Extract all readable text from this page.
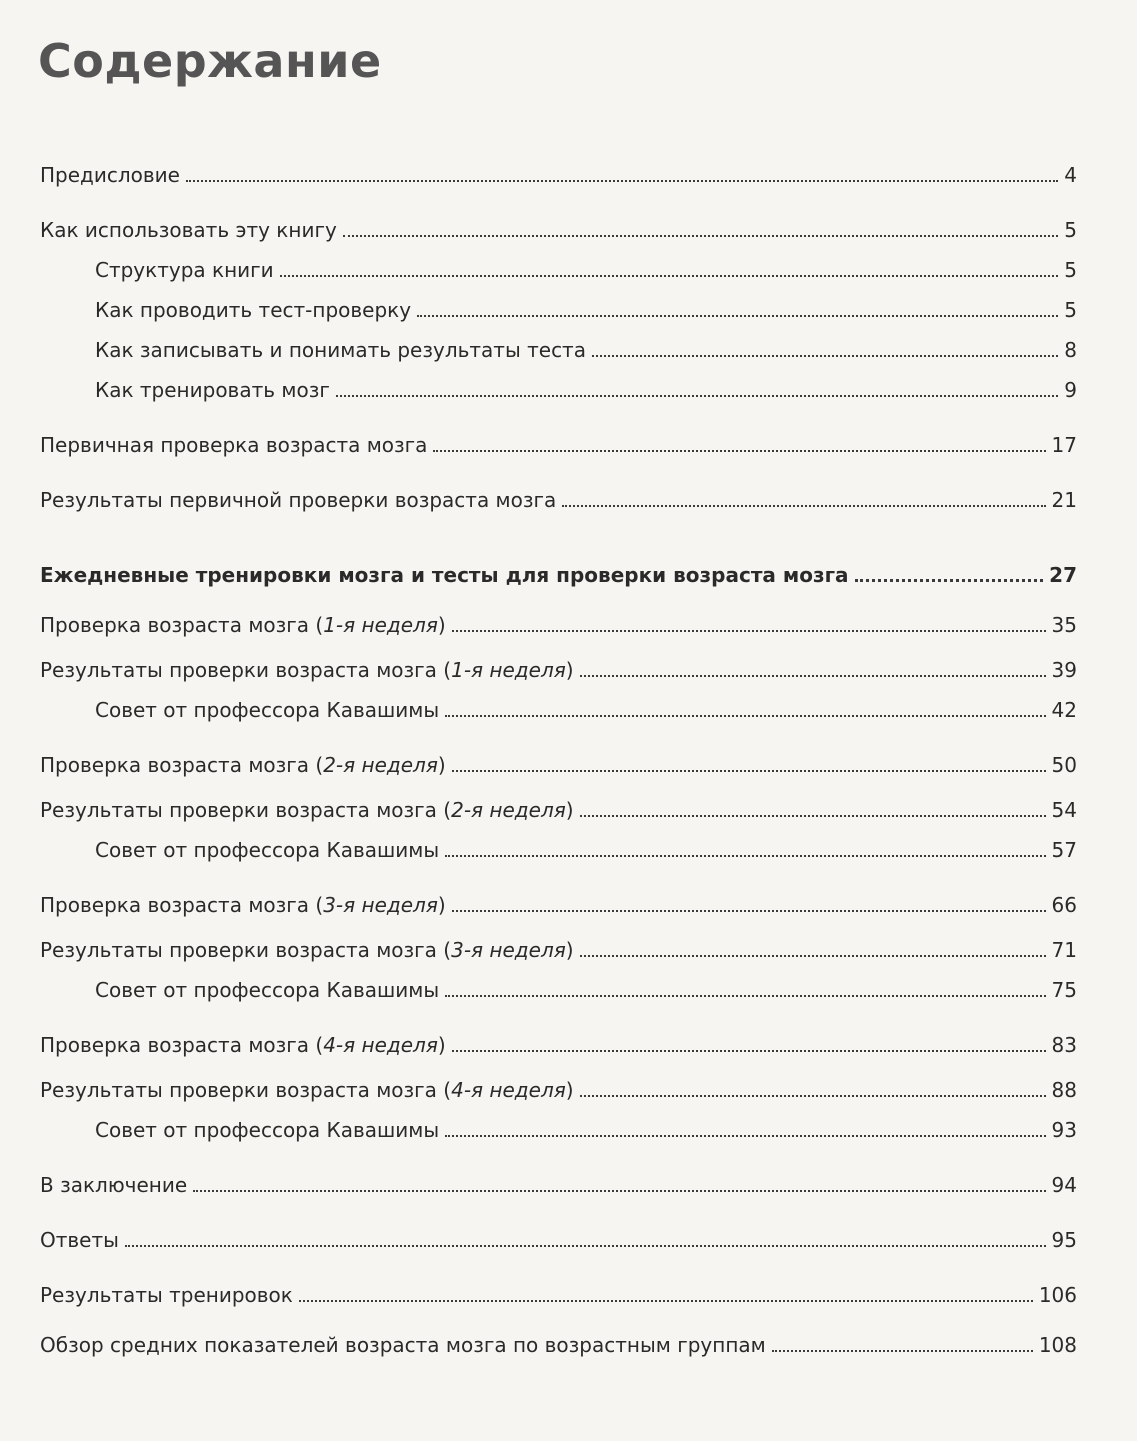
Содержание
Предисловие	4
Как использовать эту книгу	5
Структура книги	5
Как проводить тест-проверку	5
Как записывать и понимать результаты теста	8
Как тренировать мозг	9
Первичная проверка возраста мозга	17
Результаты первичной проверки возраста мозга	21
Ежедневные тренировки мозга и тесты для проверки возраста мозга	27
Проверка возраста мозга (1-я неделя)	35
Результаты проверки возраста мозга (1-я неделя)	39
Совет от профессора Кавашимы	42
Проверка возраста мозга (2-я неделя)	50
Результаты проверки возраста мозга (2-я неделя)	54
Совет от профессора Кавашимы	57
Проверка возраста мозга (3-я неделя)	66
Результаты проверки возраста мозга (3-я неделя)	71
Совет от профессора Кавашимы	75
Проверка возраста мозга (4-я неделя)	83
Результаты проверки возраста мозга (4-я неделя)	88
Совет от профессора Кавашимы	93
В заключение	94
Ответы	95
Результаты тренировок	106
Обзор средних показателей возраста мозга по возрастным группам	108
